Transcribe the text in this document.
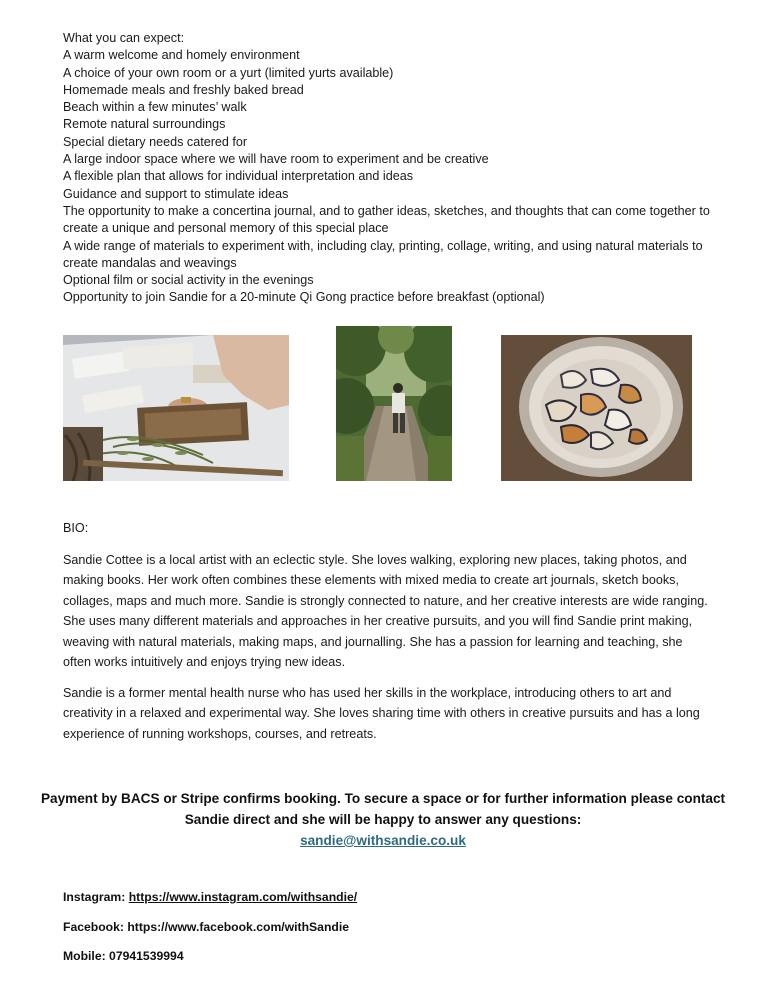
What you can expect:
A warm welcome and homely environment
A choice of your own room or a yurt (limited yurts available)
Homemade meals and freshly baked bread
Beach within a few minutes’ walk
Remote natural surroundings
Special dietary needs catered for
A large indoor space where we will have room to experiment and be creative
A flexible plan that allows for individual interpretation and ideas
Guidance and support to stimulate ideas
The opportunity to make a concertina journal, and to gather ideas, sketches, and thoughts that can come together to create a unique and personal memory of this special place
A wide range of materials to experiment with, including clay, printing, collage, writing, and using natural materials to create mandalas and weavings
Optional film or social activity in the evenings
Opportunity to join Sandie for a 20-minute Qi Gong practice before breakfast (optional)
BIO:

Sandie Cottee is a local artist with an eclectic style. She loves walking, exploring new places, taking photos, and making books. Her work often combines these elements with mixed media to create art journals, sketch books, collages, maps and much more. Sandie is strongly connected to nature, and her creative interests are wide ranging. She uses many different materials and approaches in her creative pursuits, and you will find Sandie print making, weaving with natural materials, making maps, and journalling. She has a passion for learning and teaching, she often works intuitively and enjoys trying new ideas.

Sandie is a former mental health nurse who has used her skills in the workplace, introducing others to art and creativity in a relaxed and experimental way. She loves sharing time with others in creative pursuits and has a long experience of running workshops, courses, and retreats.

Payment by BACS or Stripe confirms booking. To secure a space or for further information please contact Sandie direct and she will be happy to answer any questions:
sandie@withsandie.co.uk
Instagram: https://www.instagram.com/withsandie/
Facebook: https://www.facebook.com/withSandie
Mobile: 07941539994
